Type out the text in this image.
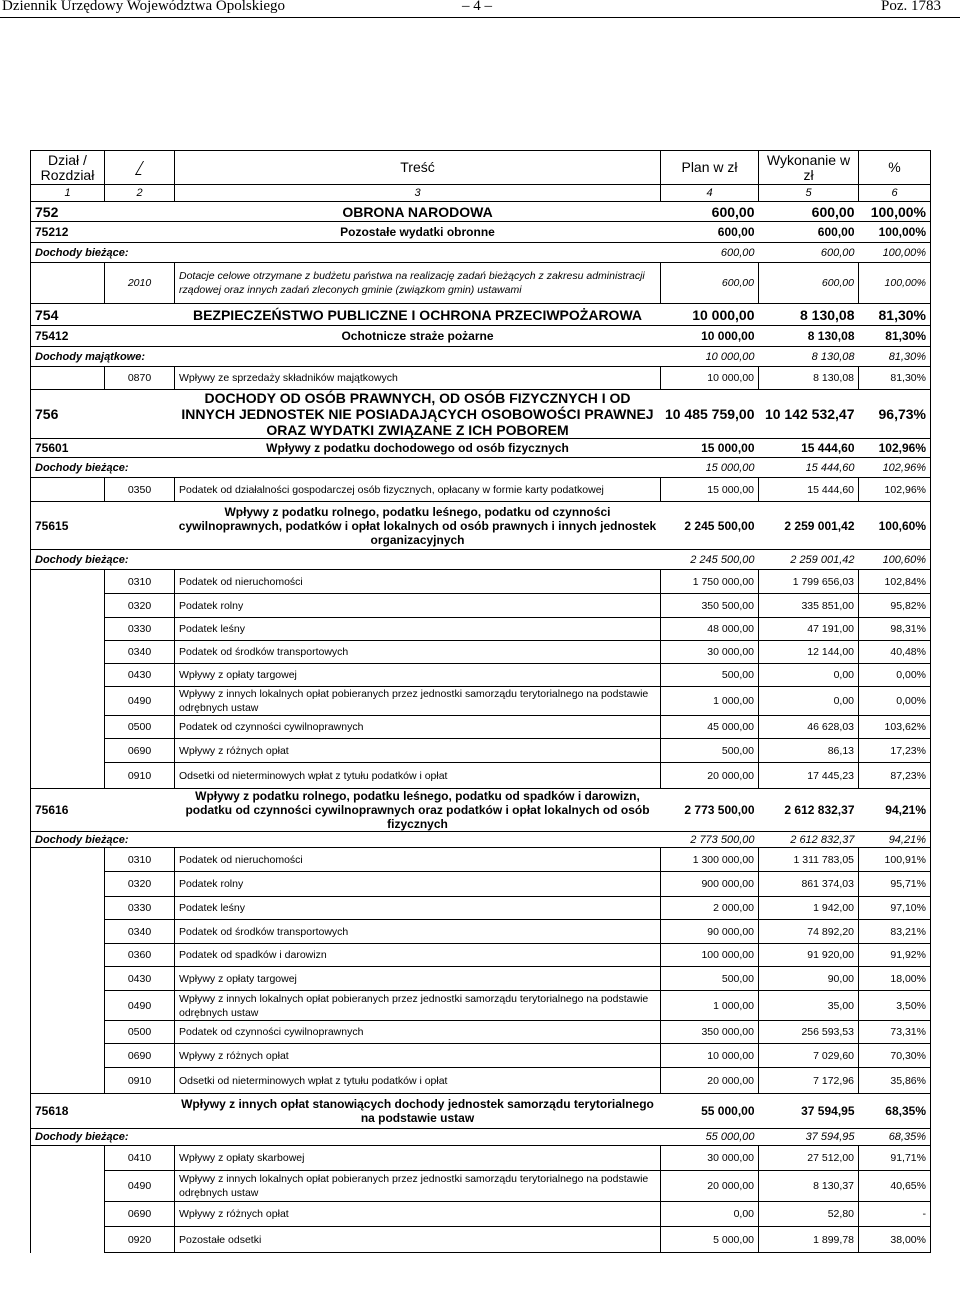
Dziennik Urzędowy Województwa Opolskiego	– 4 –	Poz. 1783
Dział / Rozdział		Treść	Plan w zł	Wykonanie w zł	%
1	2	3	4	5	6
752		OBRONA NARODOWA	600,00	600,00	100,00%
75212		Pozostałe wydatki obronne	600,00	600,00	100,00%
Dochody bieżące:			600,00	600,00	100,00%
	2010	Dotacje celowe otrzymane z budżetu państwa na realizację zadań bieżących z zakresu administracji rządowej oraz innych zadań zleconych gminie (związkom gmin) ustawami	600,00	600,00	100,00%
754		BEZPIECZEŃSTWO PUBLICZNE I OCHRONA PRZECIWPOŻAROWA	10 000,00	8 130,08	81,30%
75412		Ochotnicze straże pożarne	10 000,00	8 130,08	81,30%
Dochody majątkowe:			10 000,00	8 130,08	81,30%
	0870	Wpływy ze sprzedaży składników majątkowych	10 000,00	8 130,08	81,30%
756		DOCHODY OD OSÓB PRAWNYCH, OD OSÓB FIZYCZNYCH I OD INNYCH JEDNOSTEK NIE POSIADAJĄCYCH OSOBOWOŚCI PRAWNEJ ORAZ WYDATKI ZWIĄZANE Z ICH POBOREM	10 485 759,00	10 142 532,47	96,73%
75601		Wpływy z podatku dochodowego od osób fizycznych	15 000,00	15 444,60	102,96%
Dochody bieżące:			15 000,00	15 444,60	102,96%
	0350	Podatek od działalności gospodarczej osób fizycznych, opłacany w formie karty podatkowej	15 000,00	15 444,60	102,96%
75615		Wpływy z podatku rolnego, podatku leśnego, podatku od czynności cywilnoprawnych, podatków i opłat lokalnych od osób prawnych i innych jednostek organizacyjnych	2 245 500,00	2 259 001,42	100,60%
Dochody bieżące:			2 245 500,00	2 259 001,42	100,60%
	0310	Podatek od nieruchomości	1 750 000,00	1 799 656,03	102,84%
	0320	Podatek rolny	350 500,00	335 851,00	95,82%
	0330	Podatek leśny	48 000,00	47 191,00	98,31%
	0340	Podatek od środków transportowych	30 000,00	12 144,00	40,48%
	0430	Wpływy z opłaty targowej	500,00	0,00	0,00%
	0490	Wpływy z innych lokalnych opłat pobieranych przez jednostki samorządu terytorialnego na podstawie odrębnych ustaw	1 000,00	0,00	0,00%
	0500	Podatek od czynności cywilnoprawnych	45 000,00	46 628,03	103,62%
	0690	Wpływy z różnych opłat	500,00	86,13	17,23%
	0910	Odsetki od nieterminowych wpłat z tytułu podatków i opłat	20 000,00	17 445,23	87,23%
75616		Wpływy z podatku rolnego, podatku leśnego, podatku od spadków i darowizn, podatku od czynności cywilnoprawnych oraz podatków i opłat lokalnych od osób fizycznych	2 773 500,00	2 612 832,37	94,21%
Dochody bieżące:			2 773 500,00	2 612 832,37	94,21%
	0310	Podatek od nieruchomości	1 300 000,00	1 311 783,05	100,91%
	0320	Podatek rolny	900 000,00	861 374,03	95,71%
	0330	Podatek leśny	2 000,00	1 942,00	97,10%
	0340	Podatek od środków transportowych	90 000,00	74 892,20	83,21%
	0360	Podatek od spadków i darowizn	100 000,00	91 920,00	91,92%
	0430	Wpływy z opłaty targowej	500,00	90,00	18,00%
	0490	Wpływy z innych lokalnych opłat pobieranych przez jednostki samorządu terytorialnego na podstawie odrębnych ustaw	1 000,00	35,00	3,50%
	0500	Podatek od czynności cywilnoprawnych	350 000,00	256 593,53	73,31%
	0690	Wpływy z różnych opłat	10 000,00	7 029,60	70,30%
	0910	Odsetki od nieterminowych wpłat z tytułu podatków i opłat	20 000,00	7 172,96	35,86%
75618		Wpływy z innych opłat stanowiących dochody jednostek samorządu terytorialnego na podstawie ustaw	55 000,00	37 594,95	68,35%
Dochody bieżące:			55 000,00	37 594,95	68,35%
	0410	Wpływy z opłaty skarbowej	30 000,00	27 512,00	91,71%
	0490	Wpływy z innych lokalnych opłat pobieranych przez jednostki samorządu terytorialnego na podstawie odrębnych ustaw	20 000,00	8 130,37	40,65%
	0690	Wpływy z różnych opłat	0,00	52,80	-
	0920	Pozostałe odsetki	5 000,00	1 899,78	38,00%
